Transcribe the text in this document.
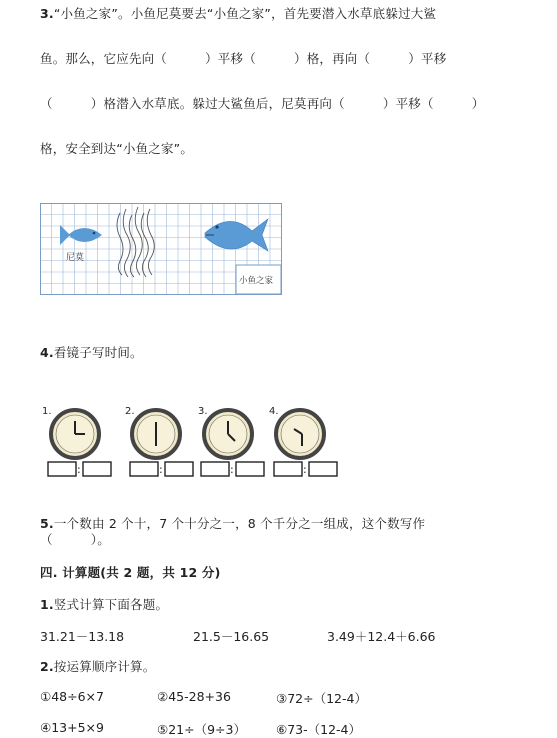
3.“小鱼之家”。小鱼尼莫要去“小鱼之家”，首先要潜入水草底躲过大鲨
鱼。那么，它应先向（　　　）平移（　　　）格，再向（　　　）平移
（　　　）格潜入水草底。躲过大鲨鱼后，尼莫再向（　　　）平移（　　　）
格，安全到达“小鱼之家”。
尼莫
小鱼之家
4.看镜子写时间。
1.
:
2.
:
3.
:
4.
:
5.一个数由 2 个十，7 个十分之一，8 个千分之一组成，这个数写作
（　　　）。
四. 计算题(共 2 题，共 12 分)
1.竖式计算下面各题。
31.21－13.18	21.5－16.65	3.49＋12.4＋6.66
2.按运算顺序计算。
①48÷6×7	②45-28+36	③72÷（12-4）
④13+5×9	⑤21÷（9÷3） ⑥73-（12-4）
